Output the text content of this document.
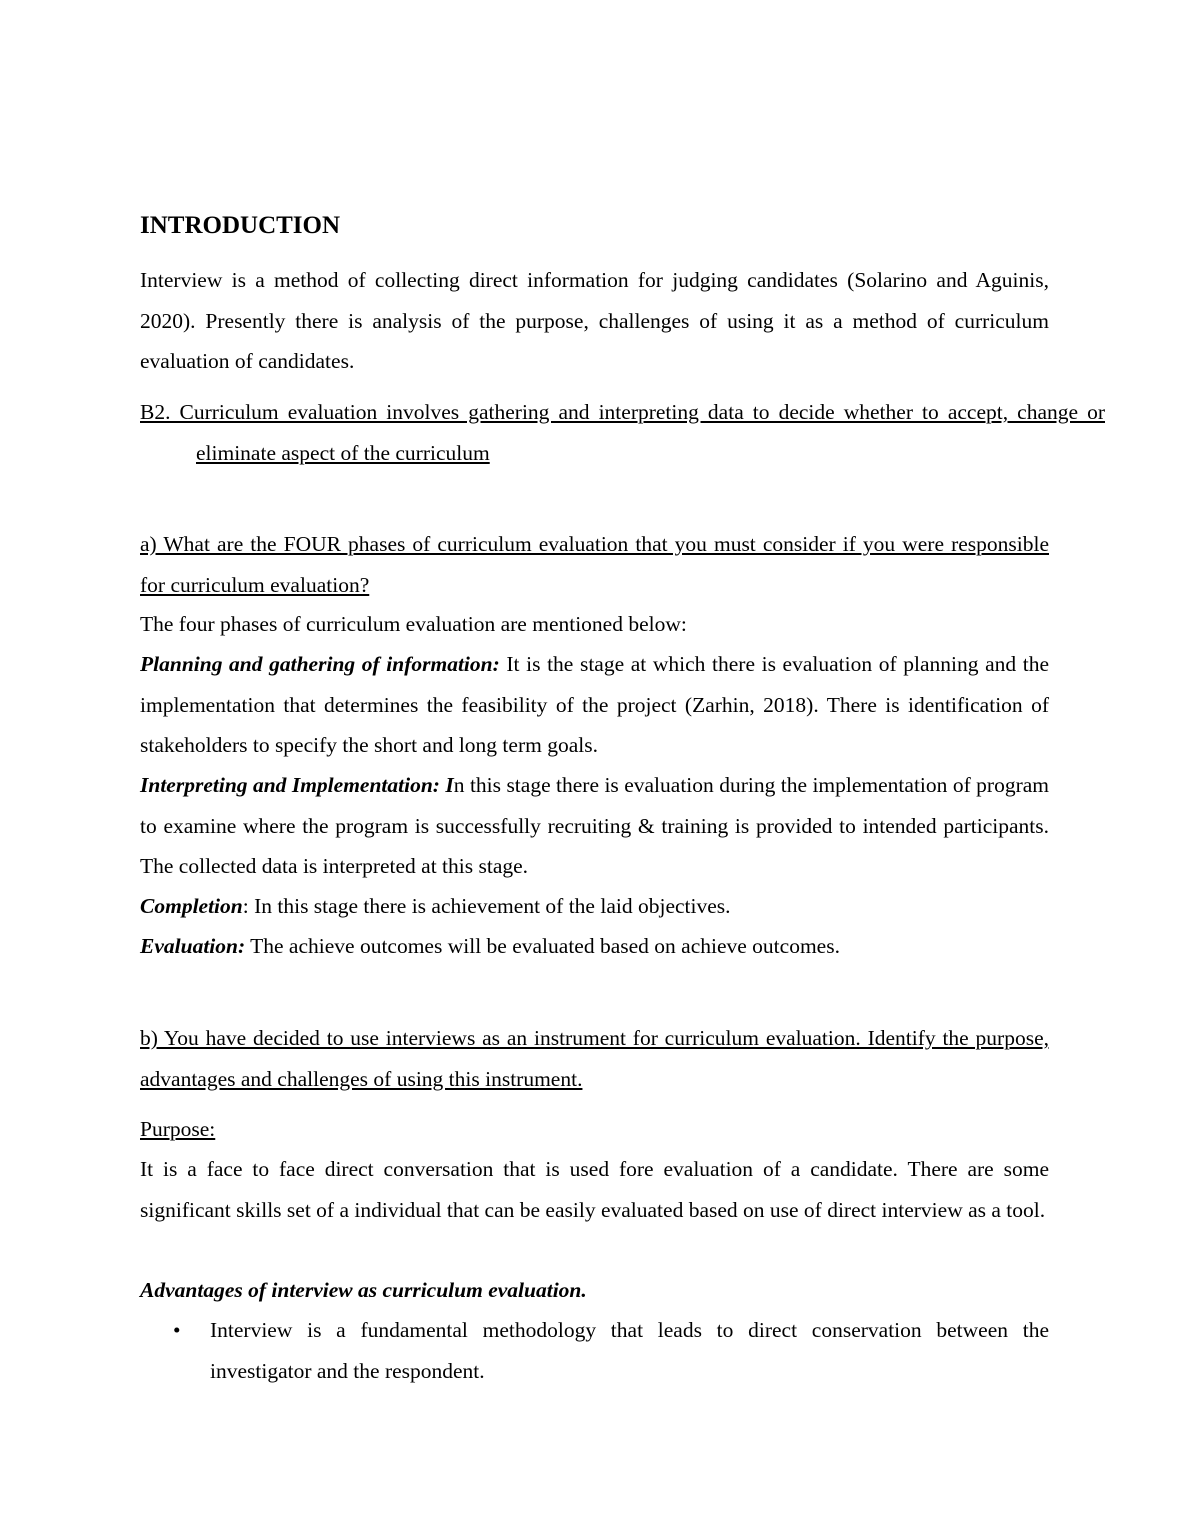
INTRODUCTION

Interview is a method of collecting direct information for judging candidates (Solarino and Aguinis, 2020). Presently there is analysis of the purpose, challenges of using it as a method of curriculum evaluation of candidates.

B2. Curriculum evaluation involves gathering and interpreting data to decide whether to accept, change or eliminate aspect of the curriculum

a) What are the FOUR phases of curriculum evaluation that you must consider if you were responsible for curriculum evaluation?

The four phases of curriculum evaluation are mentioned below:

Planning and gathering of information: It is the stage at which there is evaluation of planning and the implementation that determines the feasibility of the project (Zarhin, 2018). There is identification of stakeholders to specify the short and long term goals.

Interpreting and Implementation: In this stage there is evaluation during the implementation of program to examine where the program is successfully recruiting & training is provided to intended participants. The collected data is interpreted at this stage.

Completion: In this stage there is achievement of the laid objectives.

Evaluation: The achieve outcomes will be evaluated based on achieve outcomes.

b) You have decided to use interviews as an instrument for curriculum evaluation. Identify the purpose, advantages and challenges of using this instrument.

Purpose:

It is a face to face direct conversation that is used fore evaluation of a candidate. There are some significant skills set of a individual that can be easily evaluated based on use of direct interview as a tool.

Advantages of interview as curriculum evaluation.

• Interview is a fundamental methodology that leads to direct conservation between the investigator and the respondent.
